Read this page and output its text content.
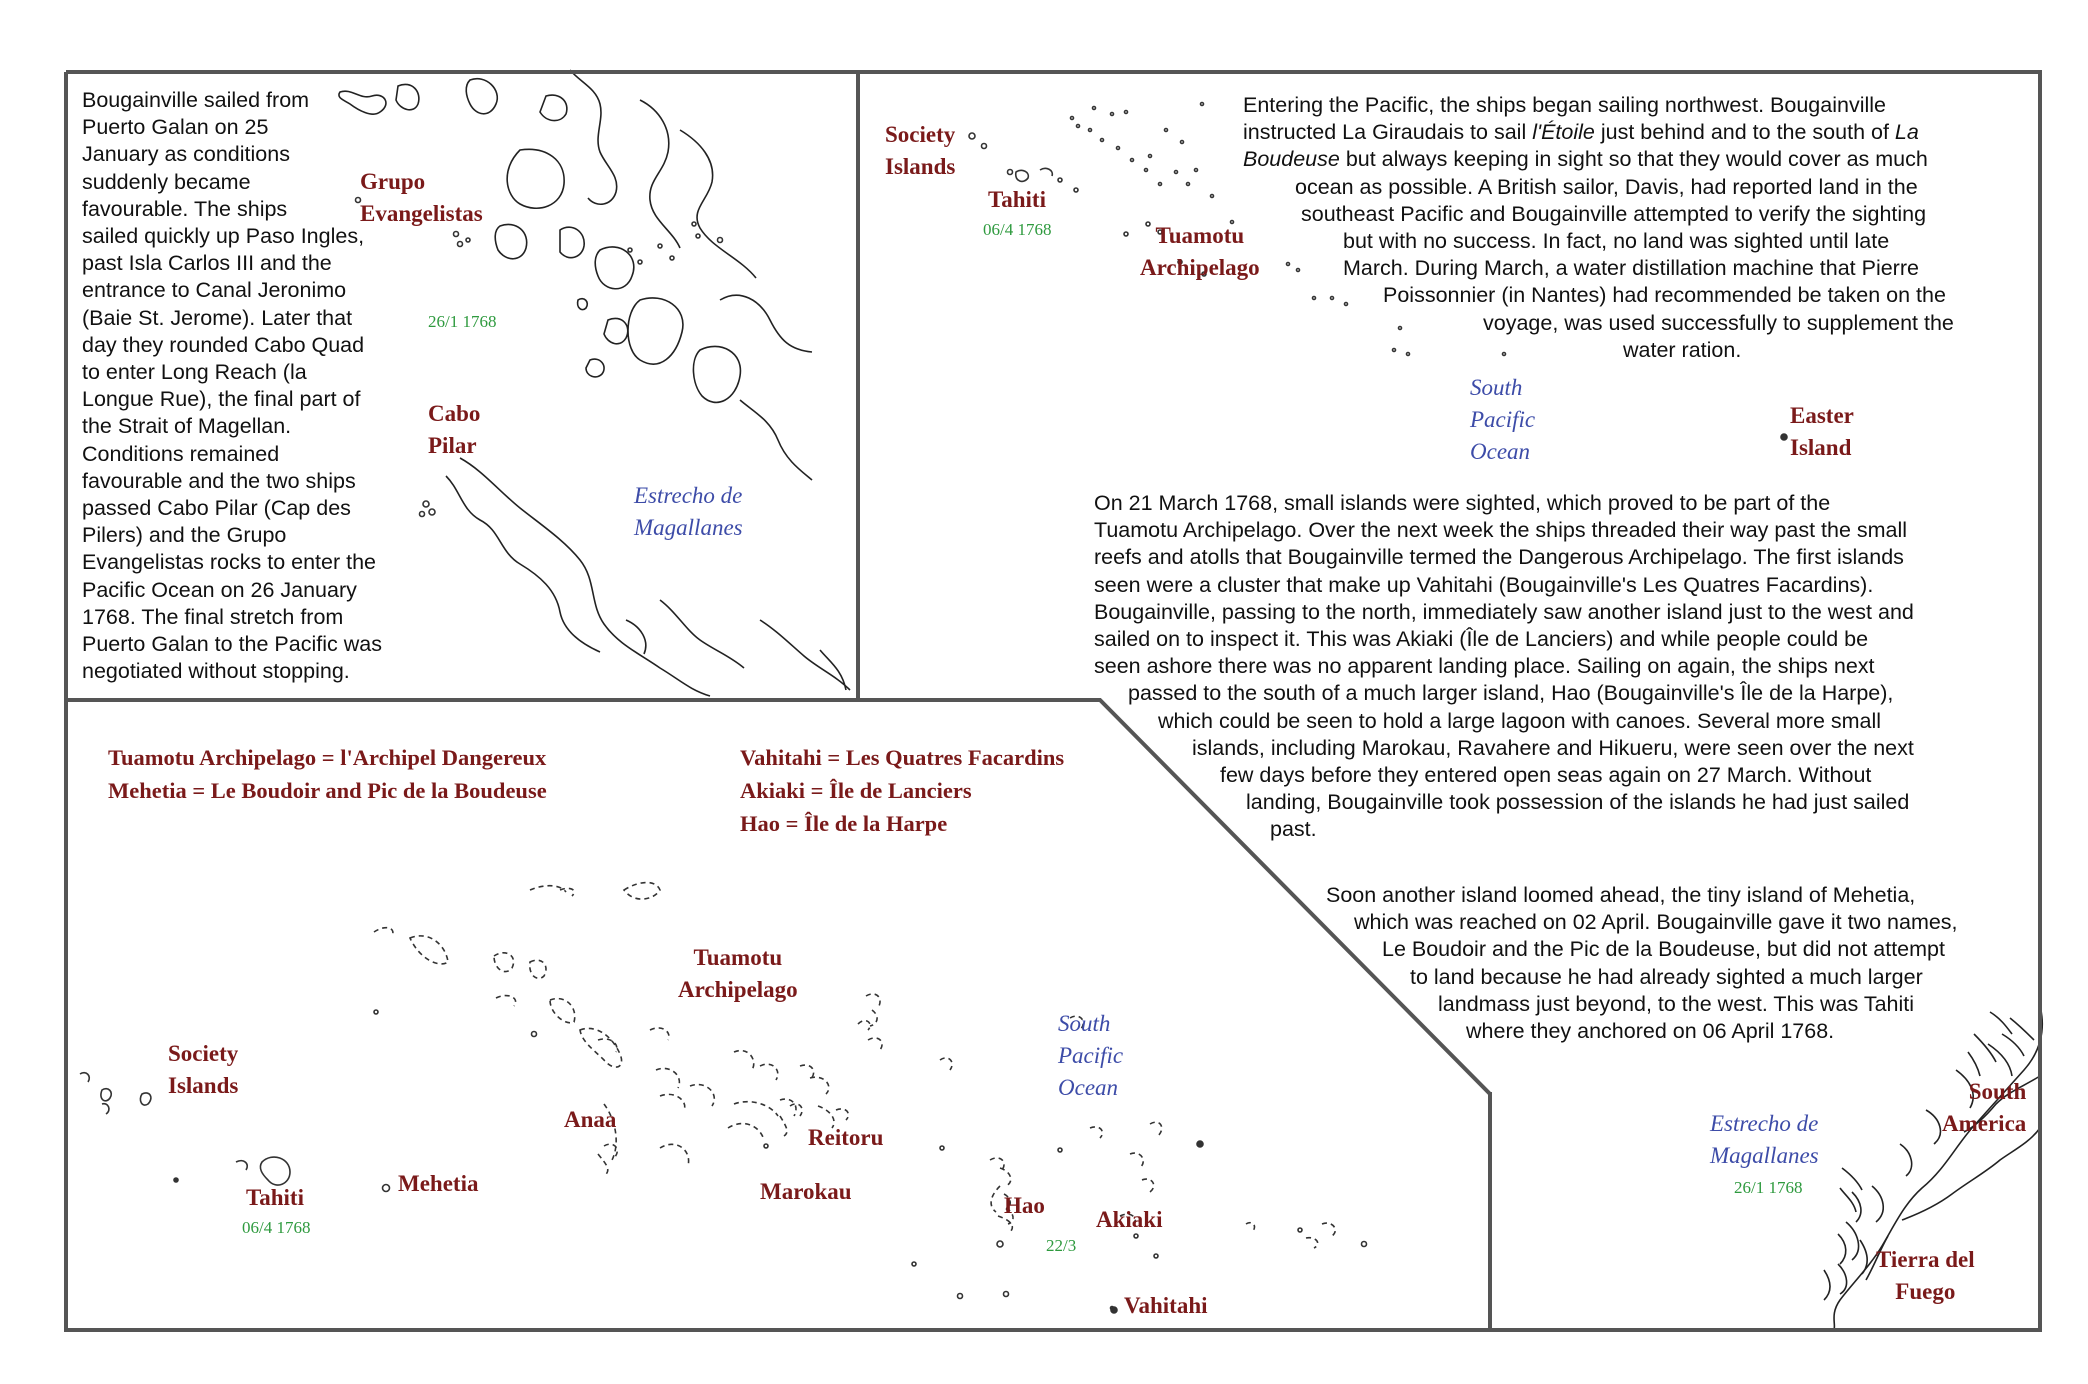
Bougainville sailed from
Puerto Galan on 25
January as conditions
suddenly became
favourable. The ships
sailed quickly up Paso Ingles,
past Isla Carlos III and the
entrance to Canal Jeronimo
(Baie St. Jerome). Later that
day they rounded Cabo Quad
to enter Long Reach (la
Longue Rue), the final part of
the Strait of Magellan.
Conditions remained
favourable and the two ships
passed Cabo Pilar (Cap des
Pilers) and the Grupo
Evangelistas rocks to enter the
Pacific Ocean on 26 January
1768. The final stretch from
Puerto Galan to the Pacific was
negotiated without stopping.
Grupo
Evangelistas
26/1 1768
Cabo
Pilar
Estrecho de
Magallanes
Society
Islands
Tahiti
06/4 1768	Tuamotu
Archipelago
South
Pacific
Ocean
Easter
Island
Entering the Pacific, the ships began sailing northwest. Bougainville
instructed La Giraudais to sail l'Étoile just behind and to the south of La
Boudeuse but always keeping in sight so that they would cover as much
ocean as possible. A British sailor, Davis, had reported land in the
southeast Pacific and Bougainville attempted to verify the sighting
but with no success. In fact, no land was sighted until late
March. During March, a water distillation machine that Pierre
Poissonnier (in Nantes) had recommended be taken on the
voyage, was used successfully to supplement the
water ration.
On 21 March 1768, small islands were sighted, which proved to be part of the
Tuamotu Archipelago. Over the next week the ships threaded their way past the small
reefs and atolls that Bougainville termed the Dangerous Archipelago. The first islands
seen were a cluster that make up Vahitahi (Bougainville's Les Quatres Facardins).
Bougainville, passing to the north, immediately saw another island just to the west and
sailed on to inspect it. This was Akiaki (Île de Lanciers) and while people could be
seen ashore there was no apparent landing place. Sailing on again, the ships next
passed to the south of a much larger island, Hao (Bougainville's Île de la Harpe),
which could be seen to hold a large lagoon with canoes. Several more small
islands, including Marokau, Ravahere and Hikueru, were seen over the next
few days before they entered open seas again on 27 March. Without
landing, Bougainville took possession of the islands he had just sailed
past.
Soon another island loomed ahead, the tiny island of Mehetia,
which was reached on 02 April. Bougainville gave it two names,
Le Boudoir and the Pic de la Boudeuse, but did not attempt
to land because he had already sighted a much larger
landmass just beyond, to the west. This was Tahiti
where they anchored on 06 April 1768.
Tuamotu Archipelago = l'Archipel Dangereux
Mehetia = Le Boudoir and Pic de la Boudeuse
Vahitahi = Les Quatres Facardins
Akiaki = Île de Lanciers
Hao = Île de la Harpe
Tuamotu
Archipelago
South
Pacific
Ocean
Society
Islands
Tahiti
06/4 1768
Mehetia
Anaa
Reitoru
Marokau
Hao
22/3
Akiaki
Vahitahi
Estrecho de
Magallanes
26/1 1768
South
America
Tierra del
Fuego
